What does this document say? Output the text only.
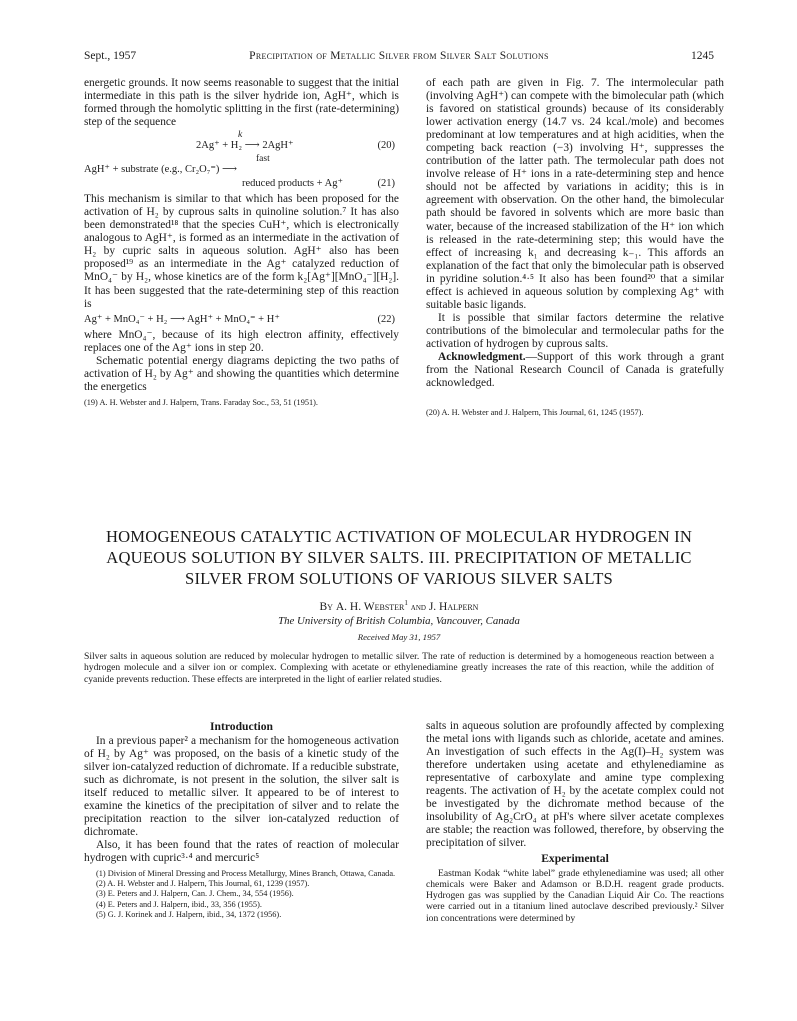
Sept., 1957	Precipitation of Metallic Silver from Silver Salt Solutions	1245

energetic grounds. It now seems reasonable to suggest that the initial intermediate in this path is the silver hydride ion, AgH⁺, which is formed through the homolytic splitting in the first (rate-determining) step of the sequence

k
2Ag⁺ + H₂ ⟶ 2AgH⁺	(20)
fast
AgH⁺ + substrate (e.g., Cr₂O₇⁼) ⟶
reduced products + Ag⁺	(21)

This mechanism is similar to that which has been proposed for the activation of H₂ by cuprous salts in quinoline solution.⁷ It has also been demonstrated¹⁸ that the species CuH⁺, which is electronically analogous to AgH⁺, is formed as an intermediate in the activation of H₂ by cupric salts in aqueous solution. AgH⁺ also has been proposed¹⁹ as an intermediate in the Ag⁺ catalyzed reduction of MnO₄⁻ by H₂, whose kinetics are of the form k₂[Ag⁺][MnO₄⁻][H₂]. It has been suggested that the rate-determining step of this reaction is

Ag⁺ + MnO₄⁻ + H₂ ⟶ AgH⁺ + MnO₄⁼ + H⁺	(22)

where MnO₄⁻, because of its high electron affinity, effectively replaces one of the Ag⁺ ions in step 20.

Schematic potential energy diagrams depicting the two paths of activation of H₂ by Ag⁺ and showing the quantities which determine the energetics

(19) A. H. Webster and J. Halpern, Trans. Faraday Soc., 53, 51 (1951).

of each path are given in Fig. 7. The intermolecular path (involving AgH⁺) can compete with the bimolecular path (which is favored on statistical grounds) because of its considerably lower activation energy (14.7 vs. 24 kcal./mole) and becomes predominant at low temperatures and at high acidities, when the competing back reaction (−3) involving H⁺, suppresses the contribution of the latter path. The termolecular path does not involve release of H⁺ ions in a rate-determining step and hence should not be affected by variations in acidity; this is in agreement with observation. On the other hand, the bimolecular path should be favored in solvents which are more basic than water, because of the increased stabilization of the H⁺ ion which is released in the rate-determining step; this would have the effect of increasing k₁ and decreasing k₋₁. This affords an explanation of the fact that only the bimolecular path is observed in pyridine solution.⁴·⁵ It also has been found²⁰ that a similar effect is achieved in aqueous solution by complexing Ag⁺ with suitable basic ligands.

It is possible that similar factors determine the relative contributions of the bimolecular and termolecular paths for the activation of hydrogen by cuprous salts.

Acknowledgment.—Support of this work through a grant from the National Research Council of Canada is gratefully acknowledged.

(20) A. H. Webster and J. Halpern, This Journal, 61, 1245 (1957).

HOMOGENEOUS CATALYTIC ACTIVATION OF MOLECULAR HYDROGEN IN AQUEOUS SOLUTION BY SILVER SALTS. III. PRECIPITATION OF METALLIC SILVER FROM SOLUTIONS OF VARIOUS SILVER SALTS
By A. H. Webster$^1$ and J. Halpern
The University of British Columbia, Vancouver, Canada
Received May 31, 1957
Silver salts in aqueous solution are reduced by molecular hydrogen to metallic silver. The rate of reduction is determined by a homogeneous reaction between a hydrogen molecule and a silver ion or complex. Complexing with acetate or ethylenediamine greatly increases the rate of this reaction, while the addition of cyanide prevents reduction. These effects are interpreted in the light of earlier related studies.
Introduction

In a previous paper² a mechanism for the homogeneous activation of H₂ by Ag⁺ was proposed, on the basis of a kinetic study of the silver ion-catalyzed reduction of dichromate. If a reducible substrate, such as dichromate, is not present in the solution, the silver salt is itself reduced to metallic silver. It appeared to be of interest to examine the kinetics of the precipitation of silver and to relate the precipitation reaction to the silver ion-catalyzed reduction of dichromate.

Also, it has been found that the rates of reaction of molecular hydrogen with cupric³·⁴ and mercuric⁵

(1) Division of Mineral Dressing and Process Metallurgy, Mines Branch, Ottawa, Canada.

(2) A. H. Webster and J. Halpern, This Journal, 61, 1239 (1957).

(3) E. Peters and J. Halpern, Can. J. Chem., 34, 554 (1956).

(4) E. Peters and J. Halpern, ibid., 33, 356 (1955).

(5) G. J. Korinek and J. Halpern, ibid., 34, 1372 (1956).

salts in aqueous solution are profoundly affected by complexing the metal ions with ligands such as chloride, acetate and amines. An investigation of such effects in the Ag(I)–H₂ system was therefore undertaken using acetate and ethylenediamine as representative of carboxylate and amine type complexing reagents. The activation of H₂ by the acetate complex could not be investigated by the dichromate method because of the insolubility of Ag₂CrO₄ at pH's where silver acetate complexes are stable; the reaction was followed, therefore, by observing the precipitation of silver.

Experimental

Eastman Kodak “white label” grade ethylenediamine was used; all other chemicals were Baker and Adamson or B.D.H. reagent grade products. Hydrogen gas was supplied by the Canadian Liquid Air Co. The reactions were carried out in a titanium lined autoclave described previously.² Silver ion concentrations were determined by
